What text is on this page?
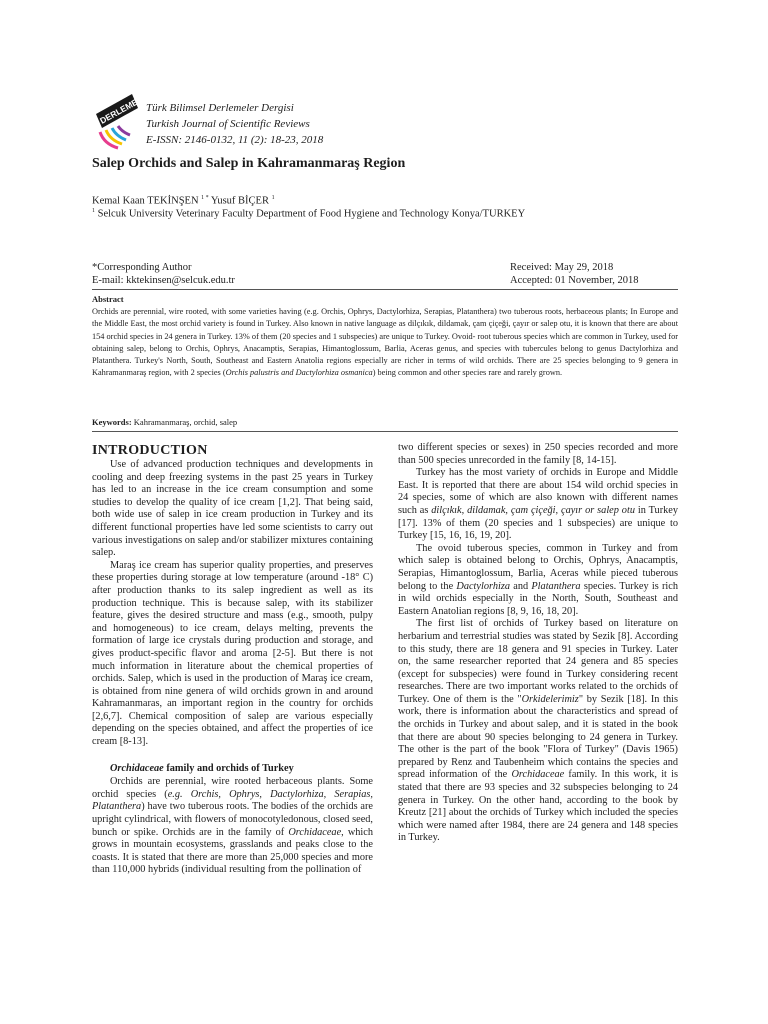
DERLEME Türk Bilimsel Derlemeler Dergisi
Turkish Journal of Scientific Reviews
E-ISSN: 2146-0132, 11 (2): 18-23, 2018
Salep Orchids and Salep in Kahramanmaraş Region
Kemal Kaan TEKİNŞEN $^{1 *}$ Yusuf BİÇER $^1$
$^1$ Selcuk University Veterinary Faculty Department of Food Hygiene and Technology Konya/TURKEY
*Corresponding Author
E-mail: kktekinsen@selcuk.edu.tr
Received: May 29, 2018
Accepted: 01 November, 2018
Abstract
Orchids are perennial, wire rooted, with some varieties having (e.g. Orchis, Ophrys, Dactylorhiza, Serapias, Platanthera) two tuberous roots, herbaceous plants; In Europe and the Middle East, the most orchid variety is found in Turkey. Also known in native language as dilçıkık, dildamak, çam çiçeği, çayır or salep otu, it is known that there are about 154 orchid species in 24 genera in Turkey. 13% of them (20 species and 1 subspecies) are unique to Turkey. Ovoid- root tuberous species which are common in Turkey, used for obtaining salep, belong to Orchis, Ophrys, Anacamptis, Serapias, Himantoglossum, Barlia, Aceras genus, and species with tubercules belong to genus Dactylorhiza and Platanthera. Turkey's North, South, Southeast and Eastern Anatolia regions especially are richer in terms of wild orchids. There are 25 species belonging to 9 genera in Kahramanmaraş region, with 2 species (Orchis palustris and Dactylorhiza osmanica) being common and other species rare and rarely grown.
Keywords: Kahramanmaraş, orchid, salep
INTRODUCTION

Use of advanced production techniques and developments in cooling and deep freezing systems in the past 25 years in Turkey has led to an increase in the ice cream consumption and some studies to develop the quality of ice cream [1,2]. That being said, both wide use of salep in ice cream production in Turkey and its different functional properties have led some scientists to carry out various investigations on salep and/or stabilizer mixtures containing salep.

Maraş ice cream has superior quality properties, and preserves these properties during storage at low temperature (around -18° C) after production thanks to its salep ingredient as well as its production technique. This is because salep, with its stabilizer feature, gives the desired structure and mass (e.g., smooth, pulpy and homogeneous) to ice cream, delays melting, prevents the formation of large ice crystals during production and storage, and gives product-specific flavor and aroma [2-5]. But there is not much information in literature about the chemical properties of orchids. Salep, which is used in the production of Maraş ice cream, is obtained from nine genera of wild orchids grown in and around Kahramanmaras, an important region in the country for orchids [2,6,7]. Chemical composition of salep are various especially depending on the species obtained, and affect the properties of ice cream [8-13].

Orchidaceae family and orchids of Turkey

Orchids are perennial, wire rooted herbaceous plants. Some orchid species (e.g. Orchis, Ophrys, Dactylorhiza, Serapias, Platanthera) have two tuberous roots. The bodies of the orchids are upright cylindrical, with flowers of monocotyledonous, closed seed, bunch or spike. Orchids are in the family of Orchidaceae, which grows in mountain ecosystems, grasslands and peaks close to the coasts. It is stated that there are more than 25,000 species and more than 110,000 hybrids (individual resulting from the pollination of

two different species or sexes) in 250 species recorded and more than 500 species unrecorded in the family [8, 14-15].

Turkey has the most variety of orchids in Europe and Middle East. It is reported that there are about 154 wild orchid species in 24 species, some of which are also known with different names such as dilçıkık, dildamak, çam çiçeği, çayır or salep otu in Turkey [17]. 13% of them (20 species and 1 subspecies) are unique to Turkey [15, 16, 16, 19, 20].

The ovoid tuberous species, common in Turkey and from which salep is obtained belong to Orchis, Ophrys, Anacamptis, Serapias, Himantoglossum, Barlia, Aceras while pieced tuberous belong to the Dactylorhiza and Platanthera species. Turkey is rich in wild orchids especially in the North, South, Southeast and Eastern Anatolian regions [8, 9, 16, 18, 20].

The first list of orchids of Turkey based on literature on herbarium and terrestrial studies was stated by Sezik [8]. According to this study, there are 18 genera and 91 species in Turkey. Later on, the same researcher reported that 24 genera and 85 species (except for subspecies) were found in Turkey considering recent researches. There are two important works related to the orchids of Turkey. One of them is the "Orkidelerimiz" by Sezik [18]. In this work, there is information about the characteristics and spread of the orchids in Turkey and about salep, and it is stated in the book that there are about 90 species belonging to 24 genera in Turkey. The other is the part of the book "Flora of Turkey" (Davis 1965) prepared by Renz and Taubenheim which contains the species and spread information of the Orchidaceae family. In this work, it is stated that there are 93 species and 32 subspecies belonging to 24 genera in Turkey. On the other hand, according to the book by Kreutz [21] about the orchids of Turkey which included the species which were named after 1984, there are 24 genera and 148 species in Turkey.
